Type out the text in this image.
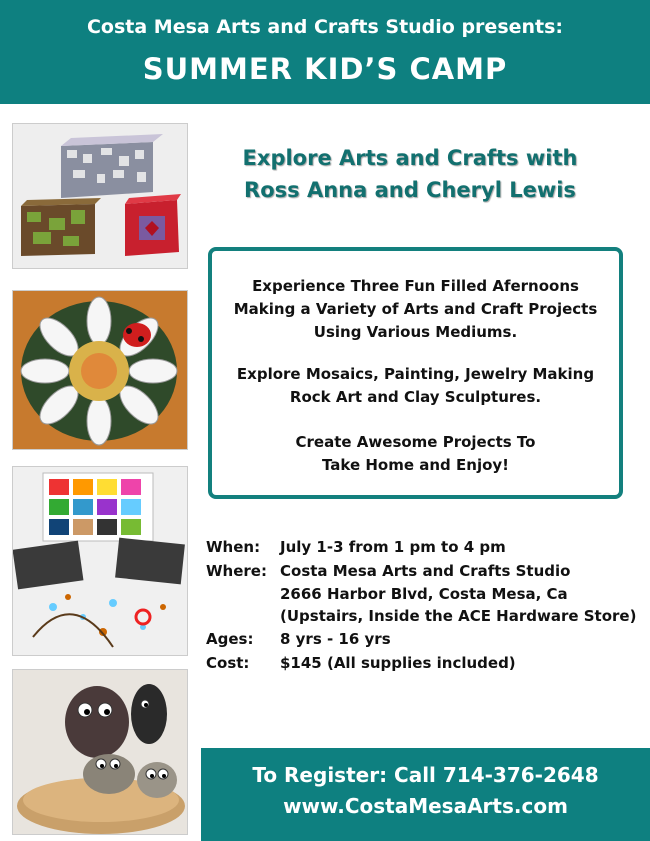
Costa Mesa Arts and Crafts Studio presents:
SUMMER KID’S CAMP
Explore Arts and Crafts with
Ross Anna and Cheryl Lewis
Experience Three Fun Filled Afernoons
Making a Variety of Arts and Craft Projects
Using Various Mediums.
Explore Mosaics, Painting, Jewelry Making
Rock Art and Clay Sculptures.
Create Awesome Projects To
Take Home and Enjoy!
When:	July 1-3 from 1 pm to 4 pm
Where: Costa Mesa Arts and Crafts Studio
2666 Harbor Blvd, Costa Mesa, Ca
(Upstairs, Inside the ACE Hardware Store)
Ages:	8 yrs - 16 yrs
Cost:	$145 (All supplies included)
To Register: Call 714-376-2648
www.CostaMesaArts.com
